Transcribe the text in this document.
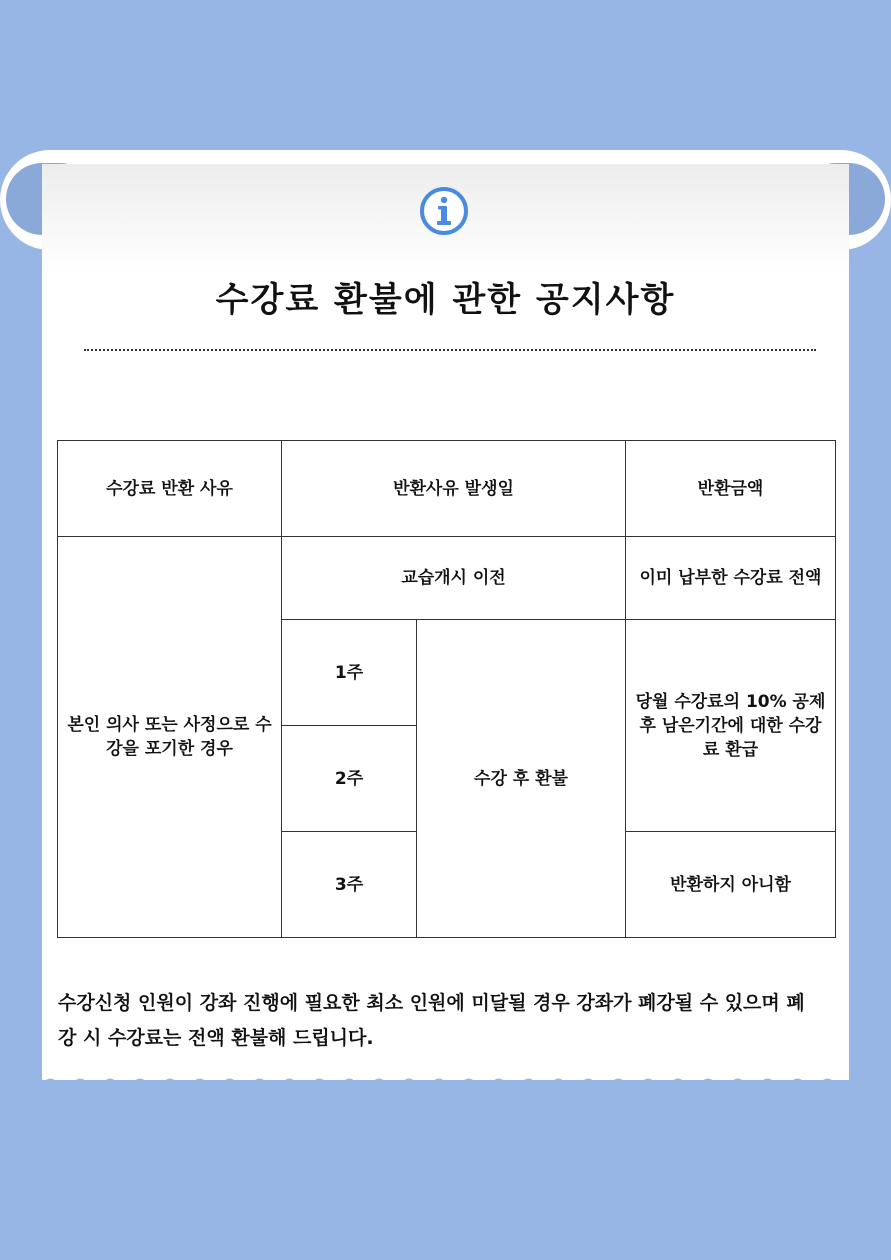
수강료 환불에 관한 공지사항
수강료 반환 사유	반환사유 발생일		반환금액
본인 의사 또는 사정으로 수강을 포기한 경우	교습개시 이전		이미 납부한 수강료 전액
	1주	수강 후 환불	당월 수강료의 10% 공제 후 남은기간에 대한 수강료 환급
	2주		
	3주		반환하지 아니함
수강신청 인원이 강좌 진행에 필요한 최소 인원에 미달될 경우 강좌가 폐강될 수 있으며 폐강 시 수강료는 전액 환불해 드립니다.
